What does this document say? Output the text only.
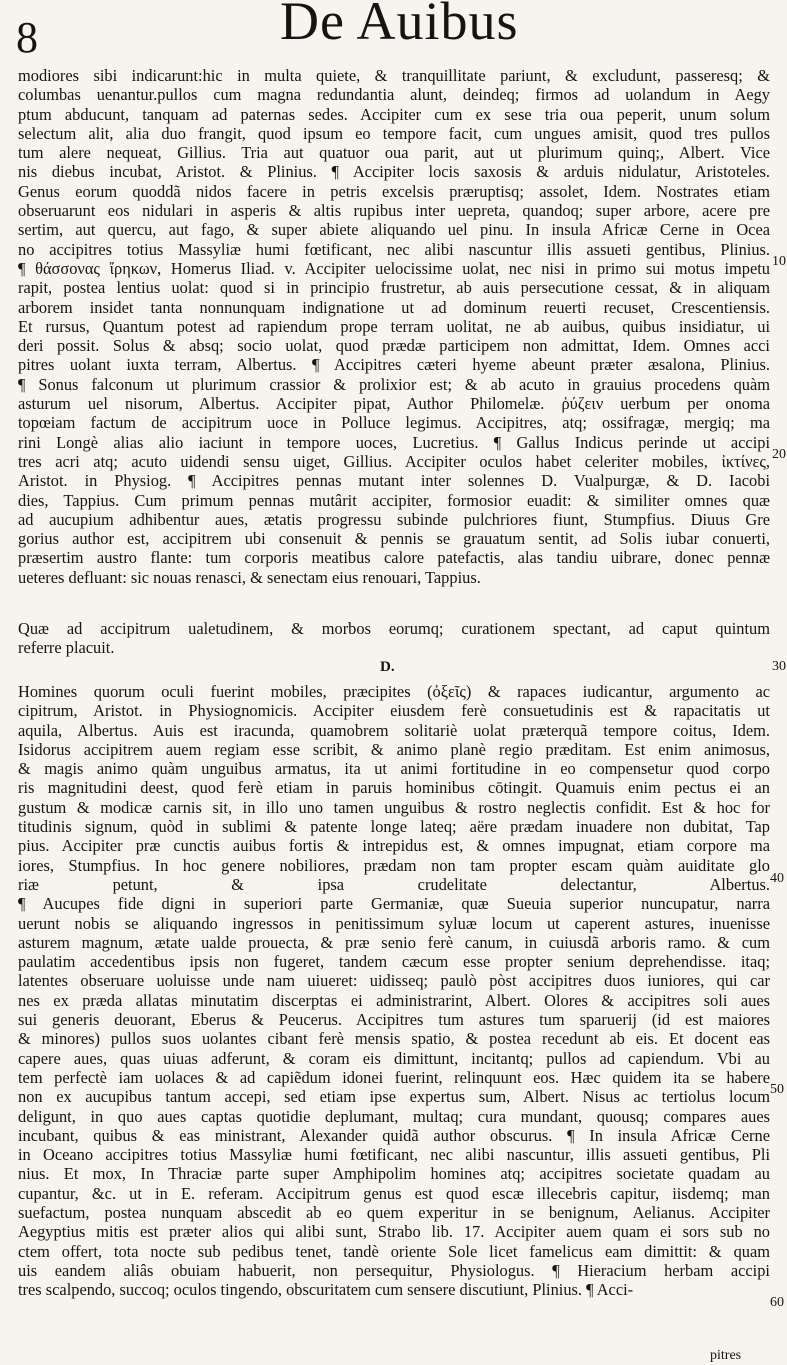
8	De Auibus
modiores sibi indicarunt:hic in multa quiete, & tranquillitate pariunt, & excludunt, passeresq; &
columbas uenantur.pullos cum magna redundantia alunt, deindeq; firmos ad uolandum in Aegy
ptum abducunt, tanquam ad paternas sedes. Accipiter cum ex sese tria oua peperit, unum solum
selectum alit, alia duo frangit, quod ipsum eo tempore facit, cum ungues amisit, quod tres pullos
tum alere nequeat, Gillius. Tria aut quatuor oua parit, aut ut plurimum quinq;, Albert. Vice
nis diebus incubat, Aristot. & Plinius. ¶ Accipiter locis saxosis & arduis nidulatur, Aristoteles.
Genus eorum quoddã nidos facere in petris excelsis præruptisq; assolet, Idem. Nostrates etiam
obseruarunt eos nidulari in asperis & altis rupibus inter uepreta, quandoq; super arbore, acere pre
sertim, aut quercu, aut fago, & super abiete aliquando uel pinu. In insula Africæ Cerne in Ocea
no accipitres totius Massyliæ humi fœtificant, nec alibi nascuntur illis assueti gentibus, Plinius.
¶ θάσσονας ἴρηκων, Homerus Iliad. v. Accipiter uelocissime uolat, nec nisi in primo sui motus impetu
rapit, postea lentius uolat: quod si in principio frustretur, ab auis persecutione cessat, & in aliquam
arborem insidet tanta nonnunquam indignatione ut ad dominum reuerti recuset, Crescentiensis.
Et rursus, Quantum potest ad rapiendum prope terram uolitat, ne ab auibus, quibus insidiatur, ui
deri possit. Solus & absq; socio uolat, quod prædæ participem non admittat, Idem. Omnes acci
pitres uolant iuxta terram, Albertus. ¶ Accipitres cæteri hyeme abeunt præter æsalona, Plinius.
¶ Sonus falconum ut plurimum crassior & prolixior est; & ab acuto in grauius procedens quàm
asturum uel nisorum, Albertus. Accipiter pipat, Author Philomelæ. ῥύζειν uerbum per onoma
topœiam factum de accipitrum uoce in Polluce legimus. Accipitres, atq; ossifragæ, mergiq; ma
rini Longè alias alio iaciunt in tempore uoces, Lucretius. ¶ Gallus Indicus perinde ut accipi
tres acri atq; acuto uidendi sensu uiget, Gillius. Accipiter oculos habet celeriter mobiles, ἰκτίνες,
Aristot. in Physiog. ¶ Accipitres pennas mutant inter solennes D. Vualpurgæ, & D. Iacobi
dies, Tappius. Cum primum pennas mutârit accipiter, formosior euadit: & similiter omnes quæ
ad aucupium adhibentur aues, ætatis progressu subinde pulchriores fiunt, Stumpfius. Diuus Gre
gorius author est, accipitrem ubi consenuit & pennis se grauatum sentit, ad Solis iubar conuerti,
præsertim austro flante: tum corporis meatibus calore patefactis, alas tandiu uibrare, donec pennæ
ueteres defluant: sic nouas renasci, & senectam eius renouari, Tappius.
Quæ ad accipitrum ualetudinem, & morbos eorumq; curationem spectant, ad caput quintum
referre placuit.
D.
Homines quorum oculi fuerint mobiles, præcipites (ὀξεῖς) & rapaces iudicantur, argumento ac
cipitrum, Aristot. in Physiognomicis. Accipiter eiusdem ferè consuetudinis est & rapacitatis ut
aquila, Albertus. Auis est iracunda, quamobrem solitariè uolat præterquã tempore coitus, Idem.
Isidorus accipitrem auem regiam esse scribit, & animo planè regio præditam. Est enim animosus,
& magis animo quàm unguibus armatus, ita ut animi fortitudine in eo compensetur quod corpo
ris magnitudini deest, quod ferè etiam in paruis hominibus cōtingit. Quamuis enim pectus ei an
gustum & modicæ carnis sit, in illo uno tamen unguibus & rostro neglectis confidit. Est & hoc for
titudinis signum, quòd in sublimi & patente longe lateq; aëre prædam inuadere non dubitat, Tap
pius. Accipiter præ cunctis auibus fortis & intrepidus est, & omnes impugnat, etiam corpore ma
iores, Stumpfius. In hoc genere nobiliores, prædam non tam propter escam quàm auiditate glo
riæ petunt, & ipsa crudelitate delectantur, Albertus.
¶ Aucupes fide digni in superiori parte Germaniæ, quæ Sueuia superior nuncupatur, narra
uerunt nobis se aliquando ingressos in penitissimum syluæ locum ut caperent astures, inuenisse
asturem magnum, ætate ualde prouecta, & præ senio ferè canum, in cuiusdã arboris ramo. & cum
paulatim accedentibus ipsis non fugeret, tandem cæcum esse propter senium deprehendisse. itaq;
latentes obseruare uoluisse unde nam uiueret: uidisseq; paulò pòst accipitres duos iuniores, qui car
nes ex præda allatas minutatim discerptas ei administrarint, Albert. Olores & accipitres soli aues
sui generis deuorant, Eberus & Peucerus. Accipitres tum astures tum sparuerij (id est maiores
& minores) pullos suos uolantes cibant ferè mensis spatio, & postea recedunt ab eis. Et docent eas
capere aues, quas uiuas adferunt, & coram eis dimittunt, incitantq; pullos ad capiendum. Vbi au
tem perfectè iam uolaces & ad capiẽdum idonei fuerint, relinquunt eos. Hæc quidem ita se habere
non ex aucupibus tantum accepi, sed etiam ipse expertus sum, Albert. Nisus ac tertiolus locum
deligunt, in quo aues captas quotidie deplumant, multaq; cura mundant, quousq; compares aues
incubant, quibus & eas ministrant, Alexander quidã author obscurus. ¶ In insula Africæ Cerne
in Oceano accipitres totius Massyliæ humi fœtificant, nec alibi nascuntur, illis assueti gentibus, Pli
nius. Et mox, In Thraciæ parte super Amphipolim homines atq; accipitres societate quadam au
cupantur, &c. ut in E. referam. Accipitrum genus est quod escæ illecebris capitur, iisdemq; man
suefactum, postea nunquam abscedit ab eo quem experitur in se benignum, Aelianus. Accipiter
Aegyptius mitis est præter alios qui alibi sunt, Strabo lib. 17. Accipiter auem quam ei sors sub no
ctem offert, tota nocte sub pedibus tenet, tandè oriente Sole licet famelicus eam dimittit: & quam
uis eandem aliâs obuiam habuerit, non persequitur, Physiologus. ¶ Hieracium herbam accipi
tres scalpendo, succoq; oculos tingendo, obscuritatem cum sensere discutiunt, Plinius. ¶ Acci-
10
20
30
40
50
60
pitres
